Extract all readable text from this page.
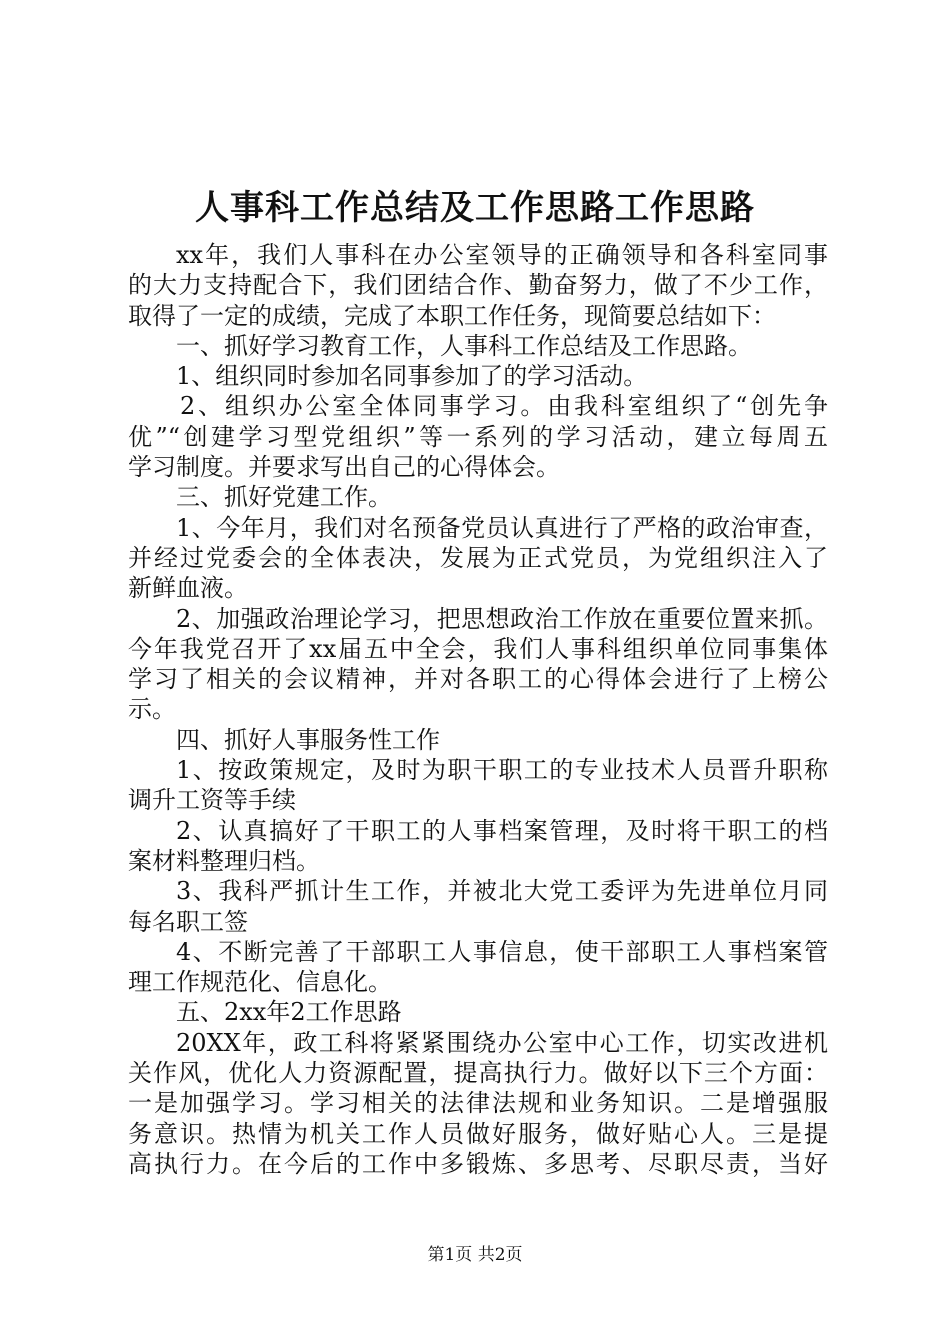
人事科工作总结及工作思路工作思路
xx年，我们人事科在办公室领导的正确领导和各科室同事
的大力支持配合下，我们团结合作、勤奋努力，做了不少工作，
取得了一定的成绩，完成了本职工作任务，现简要总结如下：
一、抓好学习教育工作，人事科工作总结及工作思路。
1、组织同时参加名同事参加了的学习活动。
2、组织办公室全体同事学习。由我科室组织了“创先争
优”“创建学习型党组织”等一系列的学习活动，建立每周五
学习制度。并要求写出自己的心得体会。
三、抓好党建工作。
1、今年月，我们对名预备党员认真进行了严格的政治审查，
并经过党委会的全体表决，发展为正式党员，为党组织注入了
新鲜血液。
2、加强政治理论学习，把思想政治工作放在重要位置来抓。
今年我党召开了xx届五中全会，我们人事科组织单位同事集体
学习了相关的会议精神，并对各职工的心得体会进行了上榜公
示。
四、抓好人事服务性工作
1、按政策规定，及时为职干职工的专业技术人员晋升职称
调升工资等手续
2、认真搞好了干职工的人事档案管理，及时将干职工的档
案材料整理归档。
3、我科严抓计生工作，并被北大党工委评为先进单位月同
每名职工签
4、不断完善了干部职工人事信息，使干部职工人事档案管
理工作规范化、信息化。
五、2xx年2工作思路
20XX年，政工科将紧紧围绕办公室中心工作，切实改进机
关作风，优化人力资源配置，提高执行力。做好以下三个方面：
一是加强学习。学习相关的法律法规和业务知识。二是增强服
务意识。热情为机关工作人员做好服务，做好贴心人。三是提
高执行力。在今后的工作中多锻炼、多思考、尽职尽责，当好
第1页 共2页
